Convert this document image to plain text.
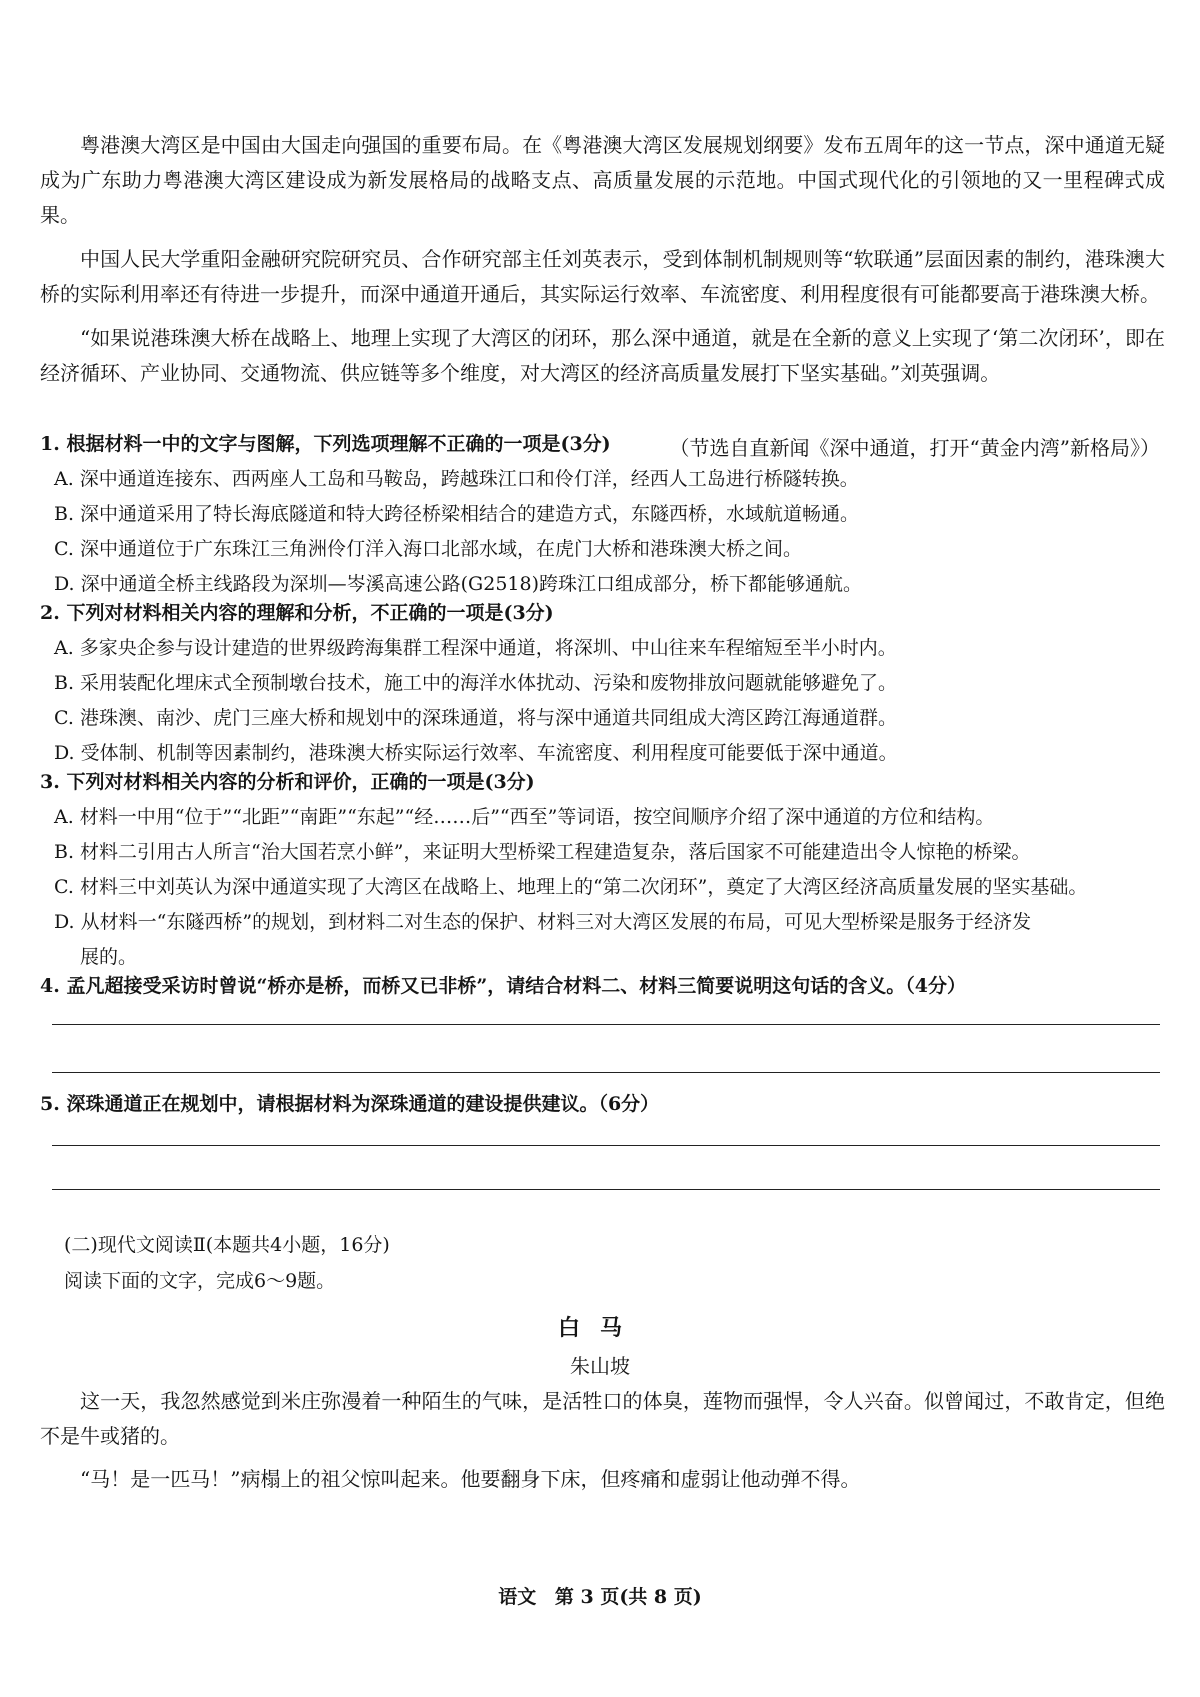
粤港澳大湾区是中国由大国走向强国的重要布局。在《粤港澳大湾区发展规划纲要》发布五周年的这一节点，深中通道无疑成为广东助力粤港澳大湾区建设成为新发展格局的战略支点、高质量发展的示范地。中国式现代化的引领地的又一里程碑式成果。

中国人民大学重阳金融研究院研究员、合作研究部主任刘英表示，受到体制机制规则等“软联通”层面因素的制约，港珠澳大桥的实际利用率还有待进一步提升，而深中通道开通后，其实际运行效率、车流密度、利用程度很有可能都要高于港珠澳大桥。

“如果说港珠澳大桥在战略上、地理上实现了大湾区的闭环，那么深中通道，就是在全新的意义上实现了‘第二次闭环’，即在经济循环、产业协同、交通物流、供应链等多个维度，对大湾区的经济高质量发展打下坚实基础。”刘英强调。

（节选自直新闻《深中通道，打开“黄金内湾”新格局》）

1. 根据材料一中的文字与图解，下列选项理解不正确的一项是(3分)

A. 深中通道连接东、西两座人工岛和马鞍岛，跨越珠江口和伶仃洋，经西人工岛进行桥隧转换。

B. 深中通道采用了特长海底隧道和特大跨径桥梁相结合的建造方式，东隧西桥，水域航道畅通。

C. 深中通道位于广东珠江三角洲伶仃洋入海口北部水域，在虎门大桥和港珠澳大桥之间。

D. 深中通道全桥主线路段为深圳—岑溪高速公路(G2518)跨珠江口组成部分，桥下都能够通航。

2. 下列对材料相关内容的理解和分析，不正确的一项是(3分)

A. 多家央企参与设计建造的世界级跨海集群工程深中通道，将深圳、中山往来车程缩短至半小时内。

B. 采用装配化埋床式全预制墩台技术，施工中的海洋水体扰动、污染和废物排放问题就能够避免了。

C. 港珠澳、南沙、虎门三座大桥和规划中的深珠通道，将与深中通道共同组成大湾区跨江海通道群。

D. 受体制、机制等因素制约，港珠澳大桥实际运行效率、车流密度、利用程度可能要低于深中通道。

3. 下列对材料相关内容的分析和评价，正确的一项是(3分)

A. 材料一中用“位于”“北距”“南距”“东起”“经……后”“西至”等词语，按空间顺序介绍了深中通道的方位和结构。

B. 材料二引用古人所言“治大国若烹小鲜”，来证明大型桥梁工程建造复杂，落后国家不可能建造出令人惊艳的桥梁。

C. 材料三中刘英认为深中通道实现了大湾区在战略上、地理上的“第二次闭环”，奠定了大湾区经济高质量发展的坚实基础。

D. 从材料一“东隧西桥”的规划，到材料二对生态的保护、材料三对大湾区发展的布局，可见大型桥梁是服务于经济发
展的。

4. 孟凡超接受采访时曾说“桥亦是桥，而桥又已非桥”，请结合材料二、材料三简要说明这句话的含义。（4分）

5. 深珠通道正在规划中，请根据材料为深珠通道的建设提供建议。（6分）

(二)现代文阅读Ⅱ(本题共4小题，16分)
阅读下面的文字，完成6～9题。
白马
朱山坡

这一天，我忽然感觉到米庄弥漫着一种陌生的气味，是活牲口的体臭，莲物而强悍，令人兴奋。似曾闻过，不敢肯定，但绝不是牛或猪的。

“马！是一匹马！”病榻上的祖父惊叫起来。他要翻身下床，但疼痛和虚弱让他动弹不得。

语文 第 3 页(共 8 页)
